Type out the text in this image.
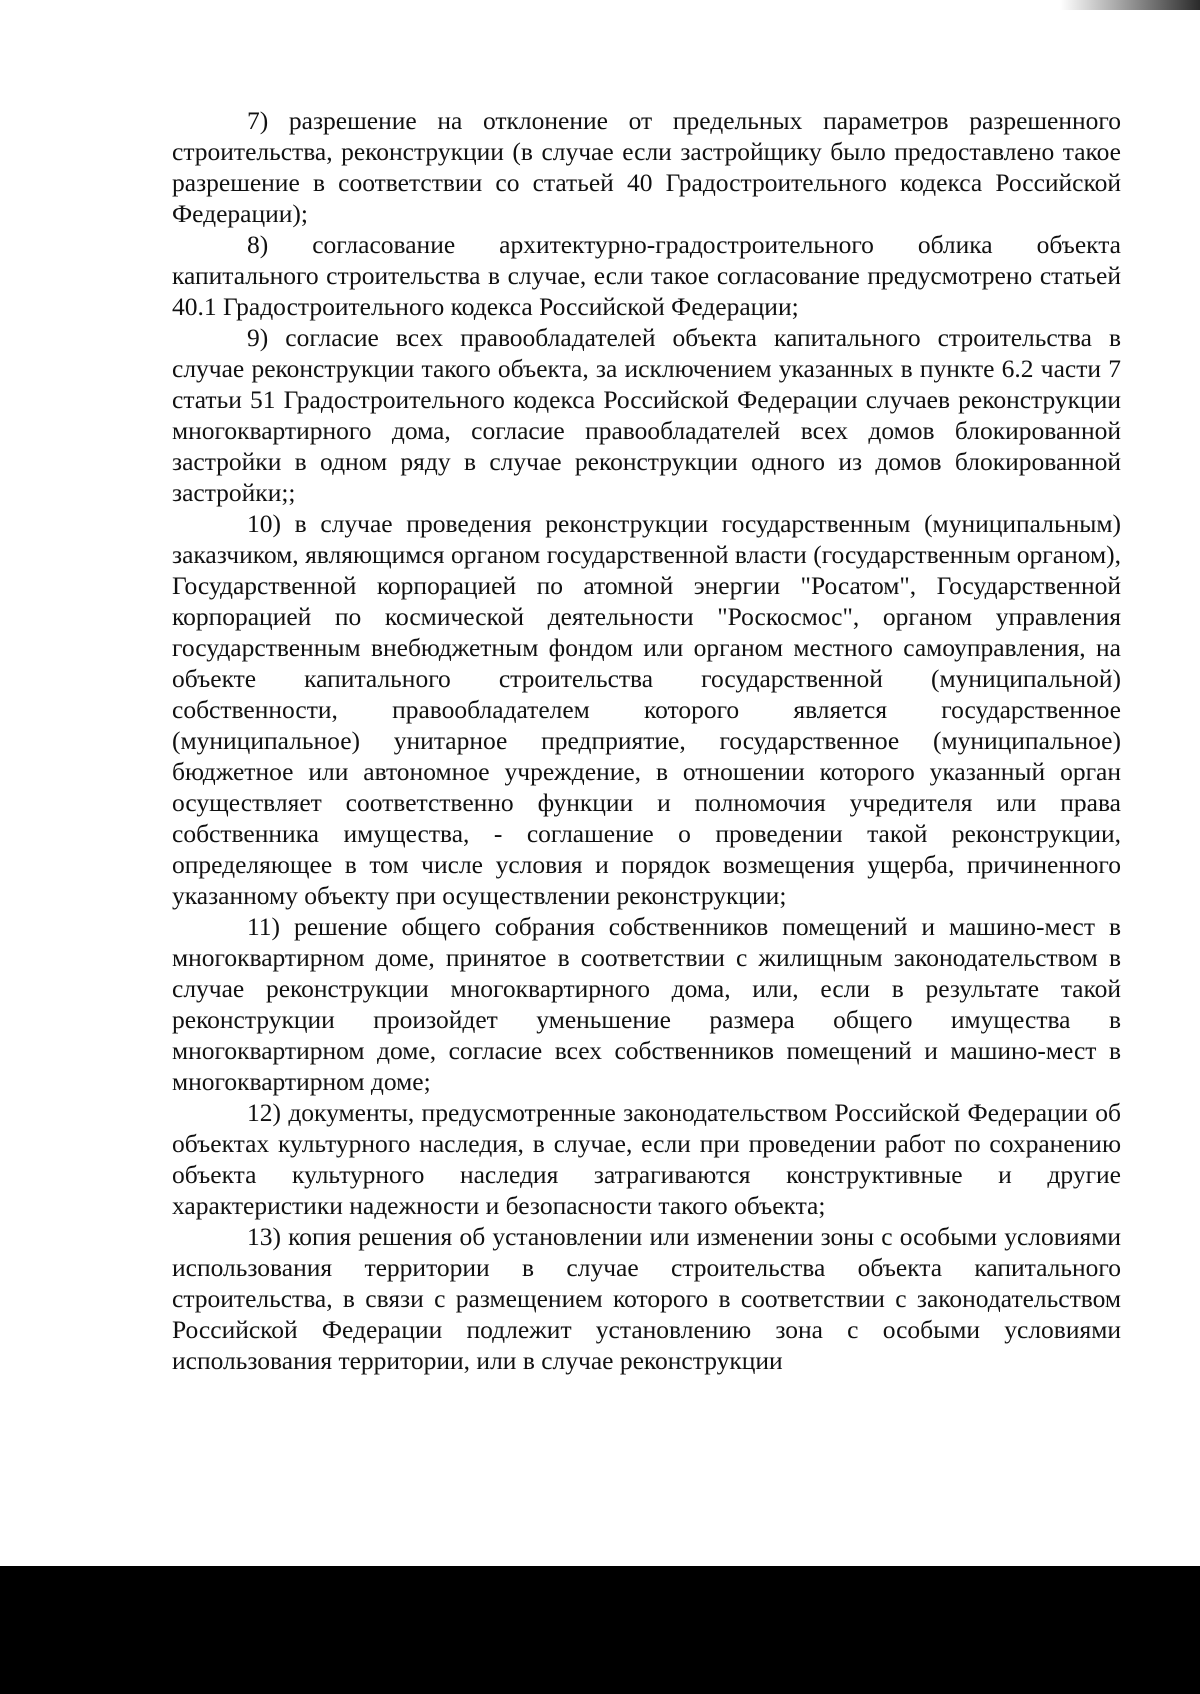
7) разрешение на отклонение от предельных параметров разрешенного строительства, реконструкции (в случае если застройщику было предоставлено такое разрешение в соответствии со статьей 40 Градостроительного кодекса Российской Федерации);

8) согласование архитектурно-градостроительного облика объекта капитального строительства в случае, если такое согласование предусмотрено статьей 40.1 Градостроительного кодекса Российской Федерации;

9) согласие всех правообладателей объекта капитального строительства в случае реконструкции такого объекта, за исключением указанных в пункте 6.2 части 7 статьи 51 Градостроительного кодекса Российской Федерации случаев реконструкции многоквартирного дома, согласие правообладателей всех домов блокированной застройки в одном ряду в случае реконструкции одного из домов блокированной застройки;;

10) в случае проведения реконструкции государственным (муниципальным) заказчиком, являющимся органом государственной власти (государственным органом), Государственной корпорацией по атомной энергии "Росатом", Государственной корпорацией по космической деятельности "Роскосмос", органом управления государственным внебюджетным фондом или органом местного самоуправления, на объекте капитального строительства государственной (муниципальной) собственности, правообладателем которого является государственное (муниципальное) унитарное предприятие, государственное (муниципальное) бюджетное или автономное учреждение, в отношении которого указанный орган осуществляет соответственно функции и полномочия учредителя или права собственника имущества, - соглашение о проведении такой реконструкции, определяющее в том числе условия и порядок возмещения ущерба, причиненного указанному объекту при осуществлении реконструкции;

11) решение общего собрания собственников помещений и машино-мест в многоквартирном доме, принятое в соответствии с жилищным законодательством в случае реконструкции многоквартирного дома, или, если в результате такой реконструкции произойдет уменьшение размера общего имущества в многоквартирном доме, согласие всех собственников помещений и машино-мест в многоквартирном доме;

12) документы, предусмотренные законодательством Российской Федерации об объектах культурного наследия, в случае, если при проведении работ по сохранению объекта культурного наследия затрагиваются конструктивные и другие характеристики надежности и безопасности такого объекта;

13) копия решения об установлении или изменении зоны с особыми условиями использования территории в случае строительства объекта капитального строительства, в связи с размещением которого в соответствии с законодательством Российской Федерации подлежит установлению зона с особыми условиями использования территории, или в случае реконструкции
